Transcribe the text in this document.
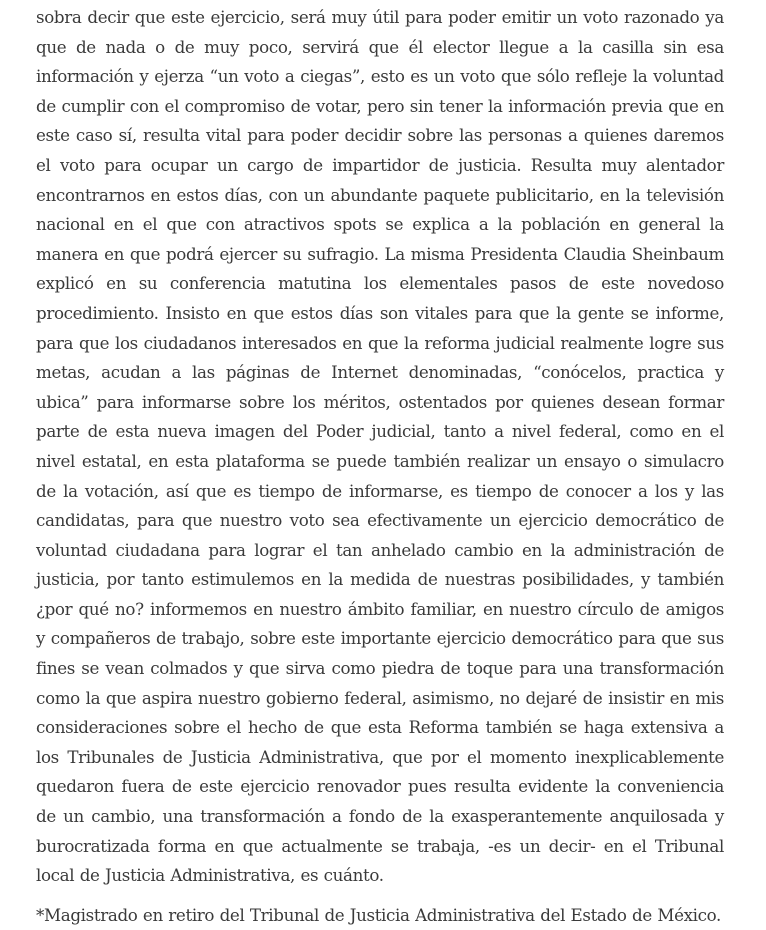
sobra decir que este ejercicio, será muy útil para poder emitir un voto razonado ya que de nada o de muy poco, servirá que él elector llegue a la casilla sin esa información y ejerza “un voto a ciegas”, esto es un voto que sólo refleje la voluntad de cumplir con el compromiso de votar, pero sin tener la información previa que en este caso sí, resulta vital para poder decidir sobre las personas a quienes daremos el voto para ocupar un cargo de impartidor de justicia. Resulta muy alentador encontrarnos en estos días, con un abundante paquete publicitario, en la televisión nacional en el que con atractivos spots se explica a la población en general la manera en que podrá ejercer su sufragio. La misma Presidenta Claudia Sheinbaum explicó en su conferencia matutina los elementales pasos de este novedoso procedimiento. Insisto en que estos días son vitales para que la gente se informe, para que los ciudadanos interesados en que la reforma judicial realmente logre sus metas, acudan a las páginas de Internet denominadas, “conócelos, practica y ubica” para informarse sobre los méritos, ostentados por quienes desean formar parte de esta nueva imagen del Poder judicial, tanto a nivel federal, como en el nivel estatal, en esta plataforma se puede también realizar un ensayo o simulacro de la votación, así que es tiempo de informarse, es tiempo de conocer a los y las candidatas, para que nuestro voto sea efectivamente un ejercicio democrático de voluntad ciudadana para lograr el tan anhelado cambio en la administración de justicia, por tanto estimulemos en la medida de nuestras posibilidades, y también ¿por qué no? informemos en nuestro ámbito familiar, en nuestro círculo de amigos y compañeros de trabajo, sobre este importante ejercicio democrático para que sus fines se vean colmados y que sirva como piedra de toque para una transformación como la que aspira nuestro gobierno federal, asimismo, no dejaré de insistir en mis consideraciones sobre el hecho de que esta Reforma también se haga extensiva a los Tribunales de Justicia Administrativa, que por el momento inexplicablemente quedaron fuera de este ejercicio renovador pues resulta evidente la conveniencia de un cambio, una transformación a fondo de la exasperantemente anquilosada y burocratizada forma en que actualmente se trabaja, -es un decir- en el Tribunal local de Justicia Administrativa, es cuánto.

*Magistrado en retiro del Tribunal de Justicia Administrativa del Estado de México.
